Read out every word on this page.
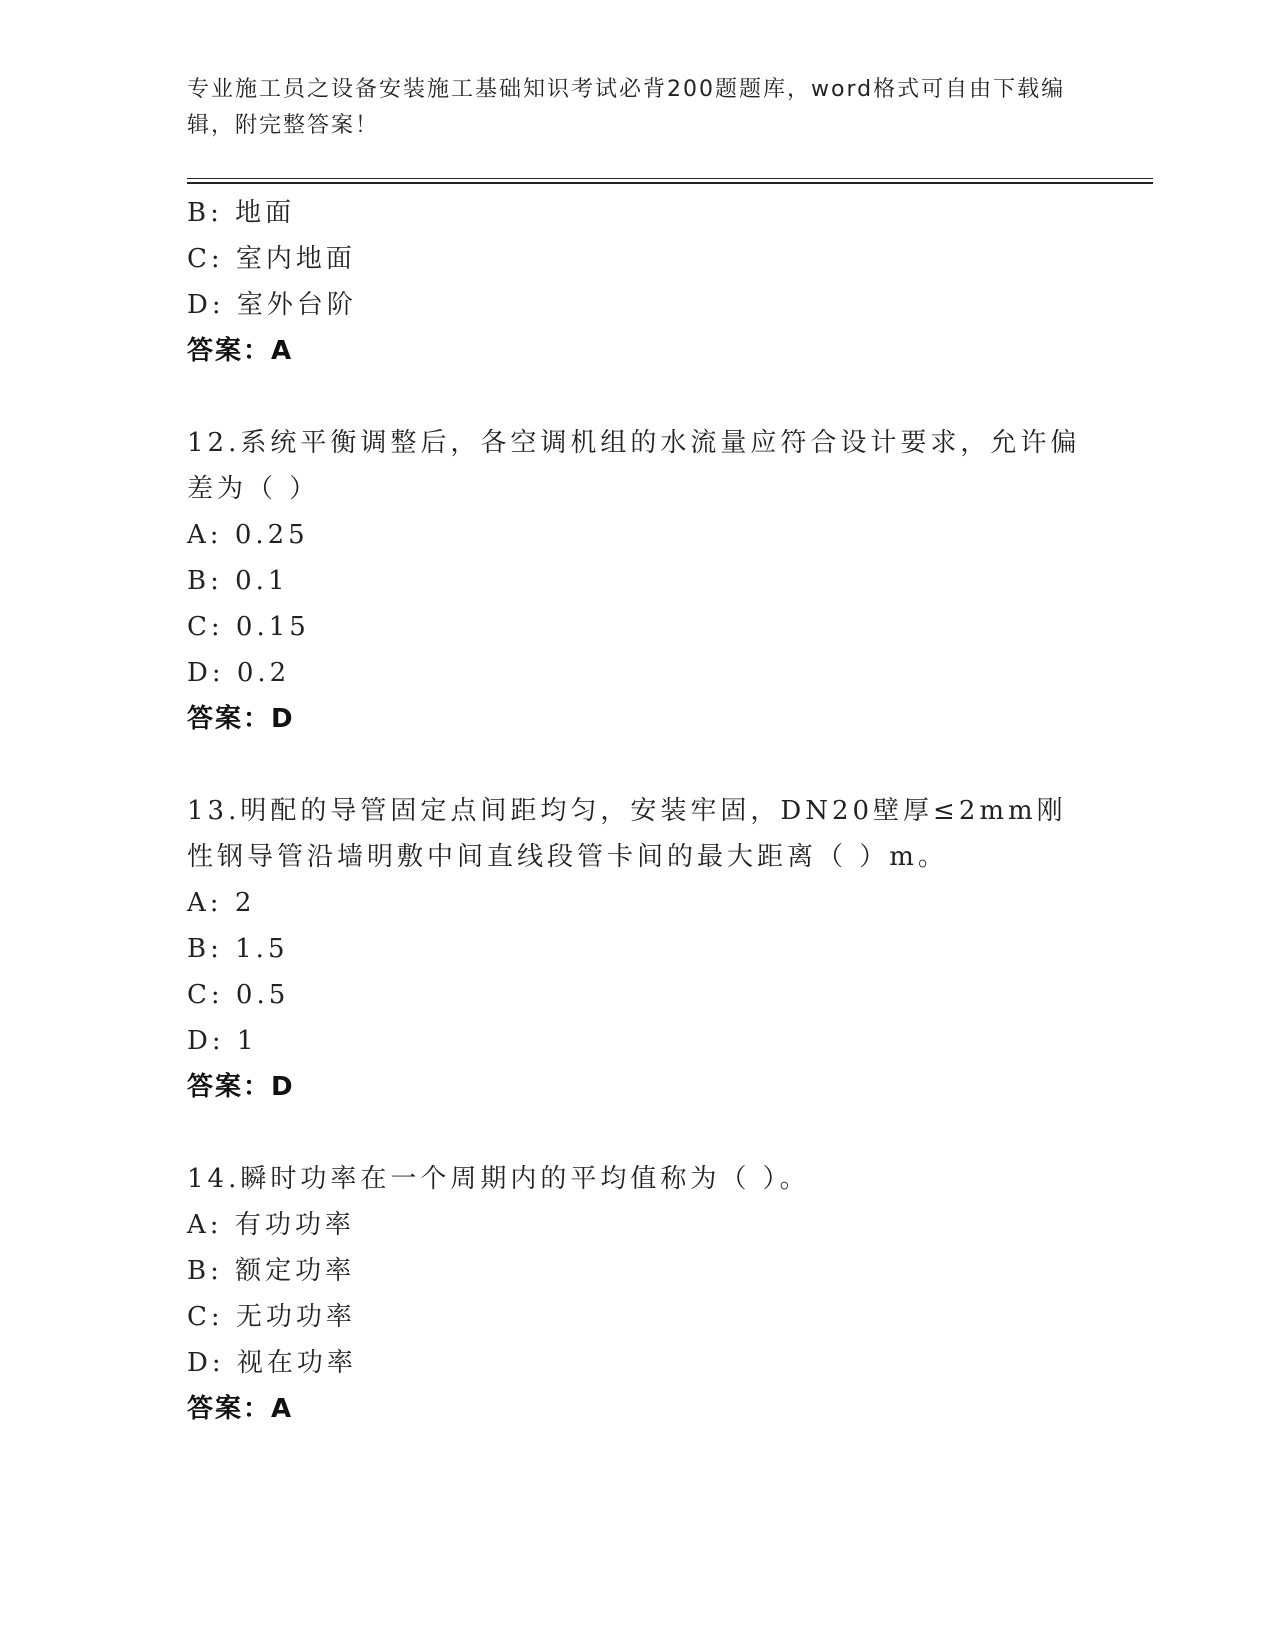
专业施工员之设备安装施工基础知识考试必背200题题库，word格式可自由下载编辑，附完整答案！
B: 地面
C: 室内地面
D: 室外台阶
答案：A
12.系统平衡调整后，各空调机组的水流量应符合设计要求，允许偏差为（ ）
A: 0.25
B: 0.1
C: 0.15
D: 0.2
答案：D
13.明配的导管固定点间距均匀，安装牢固，DN20壁厚≤2mm刚性钢导管沿墙明敷中间直线段管卡间的最大距离（ ）m。
A: 2
B: 1.5
C: 0.5
D: 1
答案：D
14.瞬时功率在一个周期内的平均值称为（ ）。
A: 有功功率
B: 额定功率
C: 无功功率
D: 视在功率
答案：A
